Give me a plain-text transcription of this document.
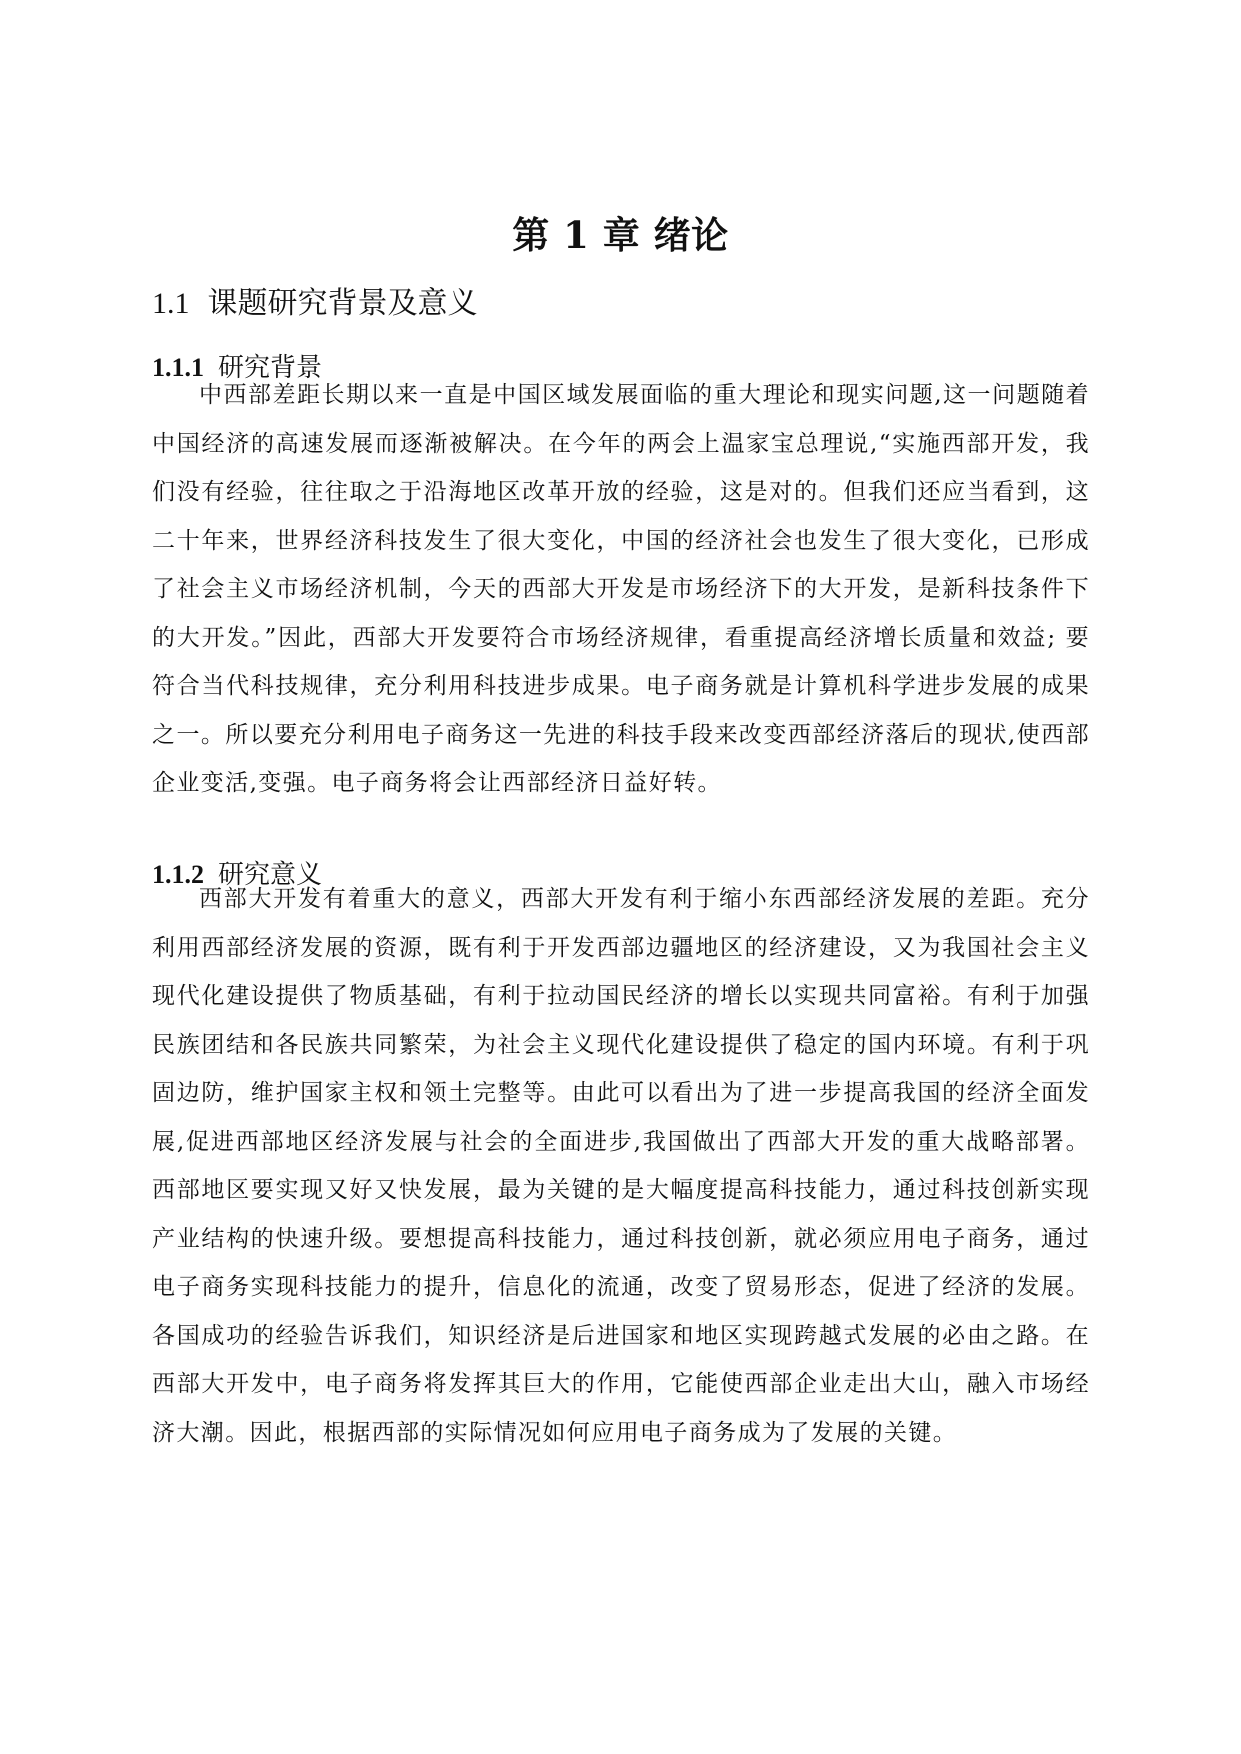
第 1 章 绪论
1.1 课题研究背景及意义
1.1.1 研究背景

中西部差距长期以来一直是中国区域发展面临的重大理论和现实问题,这一问题随着中国经济的高速发展而逐渐被解决。在今年的两会上温家宝总理说,“实施西部开发，我们没有经验，往往取之于沿海地区改革开放的经验，这是对的。但我们还应当看到，这二十年来，世界经济科技发生了很大变化，中国的经济社会也发生了很大变化，已形成了社会主义市场经济机制，今天的西部大开发是市场经济下的大开发，是新科技条件下的大开发。”因此，西部大开发要符合市场经济规律，看重提高经济增长质量和效益; 要符合当代科技规律，充分利用科技进步成果。电子商务就是计算机科学进步发展的成果之一。所以要充分利用电子商务这一先进的科技手段来改变西部经济落后的现状,使西部企业变活,变强。电子商务将会让西部经济日益好转。

1.1.2 研究意义

西部大开发有着重大的意义，西部大开发有利于缩小东西部经济发展的差距。充分利用西部经济发展的资源，既有利于开发西部边疆地区的经济建设，又为我国社会主义现代化建设提供了物质基础，有利于拉动国民经济的增长以实现共同富裕。有利于加强民族团结和各民族共同繁荣，为社会主义现代化建设提供了稳定的国内环境。有利于巩固边防，维护国家主权和领土完整等。由此可以看出为了进一步提高我国的经济全面发展,促进西部地区经济发展与社会的全面进步,我国做出了西部大开发的重大战略部署。西部地区要实现又好又快发展，最为关键的是大幅度提高科技能力，通过科技创新实现产业结构的快速升级。要想提高科技能力，通过科技创新，就必须应用电子商务，通过电子商务实现科技能力的提升，信息化的流通，改变了贸易形态，促进了经济的发展。各国成功的经验告诉我们，知识经济是后进国家和地区实现跨越式发展的必由之路。在西部大开发中，电子商务将发挥其巨大的作用，它能使西部企业走出大山，融入市场经济大潮。因此，根据西部的实际情况如何应用电子商务成为了发展的关键。
